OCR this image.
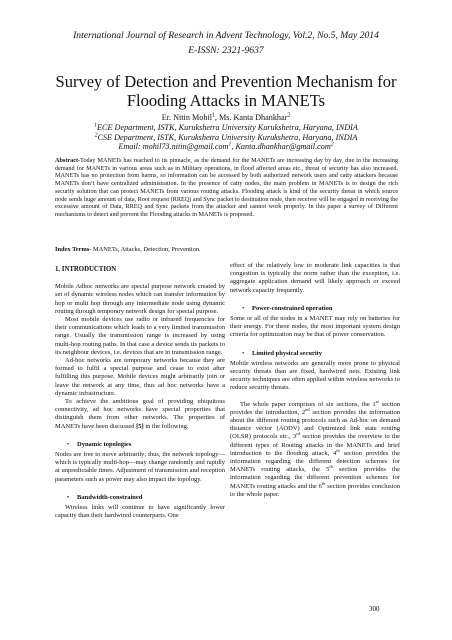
International Journal of Research in Advent Technology, Vol.2, No.5, May 2014
E-ISSN: 2321-9637
Survey of Detection and Prevention Mechanism for
Flooding Attacks in MANETs
Er. Nitin Mohil$^1$, Ms. Kanta Dhankhar$^2$
$^1$ECE Department, ISTK, Kurukshetra University Kurukshetra, Haryana, INDIA
$^2$CSE Department, ISTK, Kurukshetra University Kurukshetra, Haryana, INDIA
Email: mohil73.nitin@gmail.com$^1$, Kanta.dhankhar@gmail.com$^2$
Abstract-Today MANETs has reached to its pinnacle, as the demand for the MANETs are increasing day by day, due to the increasing demand for MANETs in various areas such as in Military operations, in flood affected areas etc., threat of security has also increased. MANETs has no protection from harms, so information can be accessed by both authorized network users and catty attackers because MANETs don’t have centralized administration. In the presence of catty nodes, the main problem in MANETs is to design the rich security solution that can protect MANETs from various routing attacks. Flooding attack is kind of the security threat in which source node sends huge amount of data, Root request (RREQ) and Sync packet to destination node, then receiver will be engaged in receiving the excessive amount of Data, RREQ and Sync packets from the attacker and cannot work properly. In this paper a survey of Different mechanisms to detect and prevent the Flooding attacks in MANETs is proposed.
Index Terms- MANETs, Attacks, Detection, Prevention.
1. INTRODUCTION

Mobile Adhoc networks are special purpose network created by set of dynamic wireless nodes which can transfer information by hop or multi hop through any intermediate node using dynamic routing through temporary network design for special purpose.

Most mobile devices use radio or infrared frequencies for their communications which leads to a very limited transmission range. Usually the transmission range is increased by using multi-hop routing paths. In that case a device sends its packets to its neighbour devices, i.e. devices that are in transmission range.

Ad-hoc networks are temporary networks because they are formed to fulfil a special purpose and cease to exist after fulfilling this purpose. Mobile devices might arbitrarily join or leave the network at any time, thus ad hoc networks have a dynamic infrastructure.

To achieve the ambitious goal of providing ubiquitous connectivity, ad hoc networks have special properties that distinguish them from other networks. The properties of MANETs have been discussed [5] in the following.

• Dynamic topologies

Nodes are free to move arbitrarily; thus, the network topology—which is typically multi-hop—may change randomly and rapidly at unpredictable times. Adjustment of transmission and reception parameters such as power may also impact the topology.

• Bandwidth-constrained

Wireless links will continue to have significantly lower capacity than their hardwired counterparts. One

effect of the relatively low to moderate link capacities is that congestion is typically the norm rather than the exception, i.e. aggregate application demand will likely approach or exceed network capacity frequently.

• Power-constrained operation

Some or all of the nodes in a MANET may rely on batteries for their energy. For these nodes, the most important system design criteria for optimization may be that of power conservation.

• Limited physical security

Mobile wireless networks are generally more prone to physical security threats than are fixed, hardwired nets. Existing link security techniques are often applied within wireless networks to reduce security threats.

The whole paper comprises of six sections, the 1st section provides the introduction, 2nd section provides the information about the different routing protocols such as Ad-hoc on demand distance vector (AODV) and Optimized link state routing (OLSR) protocols etc., 3rd section provides the overview to the different types of Routing attacks in the MANETs and brief introduction to the flooding attack, 4th section provides the information regarding the different detection schemes for MANETs routing attacks, the 5th section provides the information regarding the different prevention schemes for MANETs routing attacks and the 6th section provides conclusion to the whole paper.

300
